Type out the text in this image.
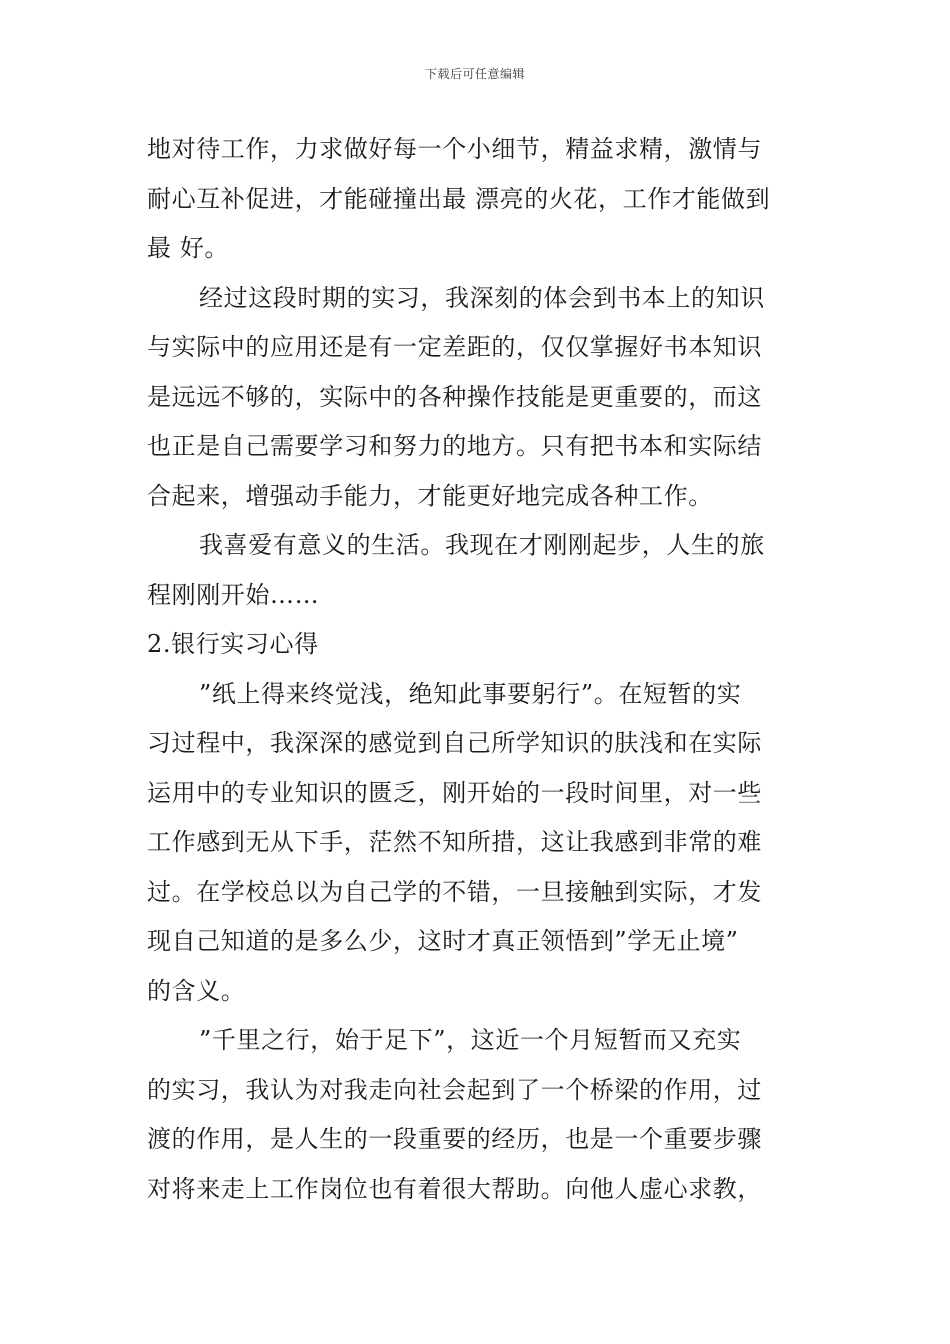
下载后可任意编辑
地对待工作，力求做好每一个小细节，精益求精，激情与
耐心互补促进，才能碰撞出最 漂亮的火花，工作才能做到
最 好。
经过这段时期的实习，我深刻的体会到书本上的知识
与实际中的应用还是有一定差距的，仅仅掌握好书本知识
是远远不够的，实际中的各种操作技能是更重要的，而这
也正是自己需要学习和努力的地方。只有把书本和实际结
合起来，增强动手能力，才能更好地完成各种工作。
我喜爱有意义的生活。我现在才刚刚起步，人生的旅
程刚刚开始……
2.银行实习心得
”纸上得来终觉浅，绝知此事要躬行”。在短暂的实
习过程中，我深深的感觉到自己所学知识的肤浅和在实际
运用中的专业知识的匮乏，刚开始的一段时间里，对一些
工作感到无从下手，茫然不知所措，这让我感到非常的难
过。在学校总以为自己学的不错，一旦接触到实际，才发
现自己知道的是多么少，这时才真正领悟到”学无止境”
的含义。
”千里之行，始于足下”，这近一个月短暂而又充实
的实习，我认为对我走向社会起到了一个桥梁的作用，过
渡的作用，是人生的一段重要的经历，也是一个重要步骤
对将来走上工作岗位也有着很大帮助。向他人虚心求教，
